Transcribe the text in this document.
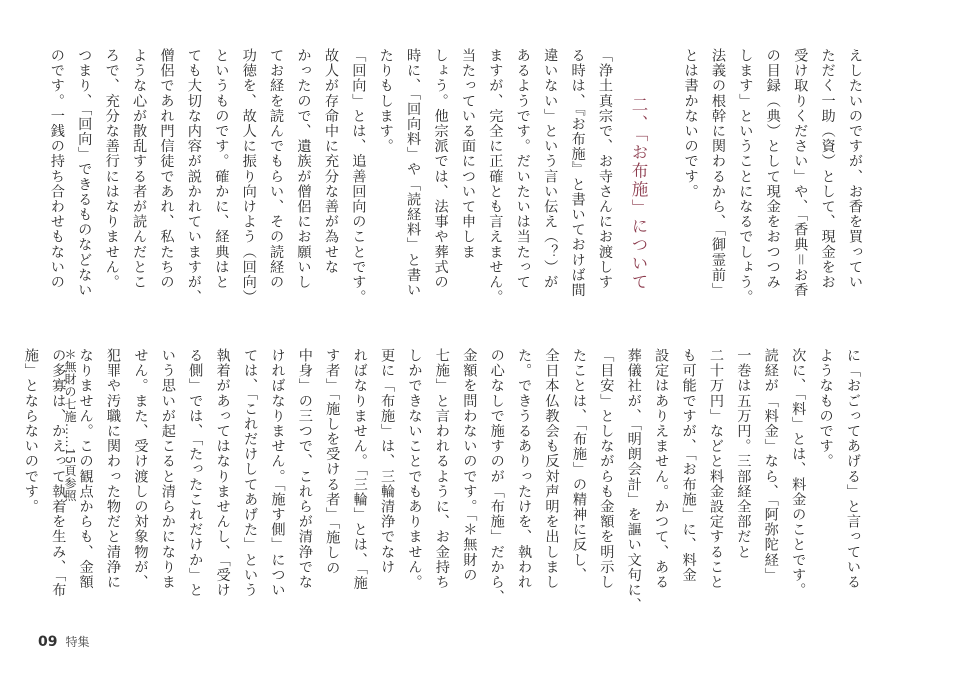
えしたいのですが、お香を買ってい
ただく一助（資）として、現金をお
受け取りください」や、「香典＝お香
の目録（典）として現金をおつつみ
します」ということになるでしょう。
法義の根幹に関わるから、「御霊前」
とは書かないのです。
二、「お布施」について
「浄土真宗で、お寺さんにお渡しす
る時は、『お布施』と書いておけば間
違いない」という言い伝え（？）が
あるようです。だいたいは当たって
ますが、完全に正確とも言えません。
当たっている面について申しま
しょう。他宗派では、法事や葬式の
時に、「回向料」や「読経料」と書い
たりもします。
「回向」とは、追善回向のことです。
故人が存命中に充分な善が為せな
かったので、遺族が僧侶にお願いし
てお経を読んでもらい、その読経の
功徳を、故人に振り向けよう（回向）
というものです。確かに、経典はと
ても大切な内容が説かれていますが、
僧侶であれ門信徒であれ、私たちの
ような心が散乱する者が読んだとこ
ろで、充分な善行にはなりません。
つまり、「回向」できるものなどない
のです。一銭の持ち合わせもないの
に「おごってあげる」と言っている
ようなものです。
次に、「料」とは、料金のことです。
読経が「料金」なら、「阿弥陀経」
一巻は五万円。三部経全部だと
二十万円」などと料金設定すること
も可能ですが、「お布施」に、料金
設定はありえません。かつて、ある
葬儀社が、「明朗会計」を謳い文句に、
「目安」としながらも金額を明示し
たことは、「布施」の精神に反し、
全日本仏教会も反対声明を出しまし
た。できうるありったけを、執われ
の心なしで施すのが「布施」だから、
金額を問わないのです。「＊無財の
七施」と言われるように、お金持ち
しかできないことでもありません。
更に「布施」は、三輪清浄でなけ
ればなりません。「三輪」とは、「施
す者」「施しを受ける者」「施しの
中身」の三つで、これらが清浄でな
ければなりません。「施す側」につい
ては、「これだけしてあげた」という
執着があってはなりませんし、「受け
る側」では、「たったこれだけか」と
いう思いが起こると清らかになりま
せん。また、受け渡しの対象物が、
犯罪や汚職に関わった物だと清浄に
なりません。この観点からも、金額
の多寡は、かえって執着を生み、「布
施」とならないのです。	＊無財の七施……15頁参照
09 特集
